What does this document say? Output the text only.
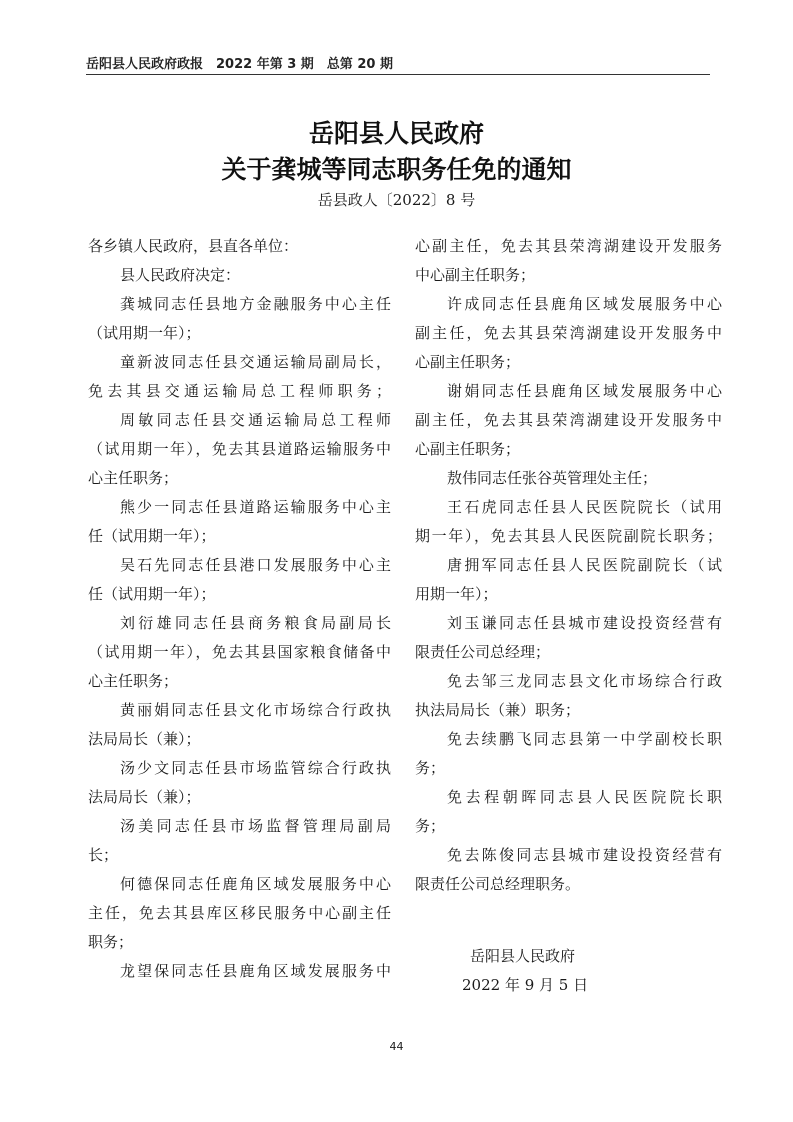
岳阳县人民政府政报　2022 年第 3 期　总第 20 期
岳阳县人民政府
关于龚城等同志职务任免的通知
岳县政人〔2022〕8 号
各乡镇人民政府，县直各单位：
县人民政府决定：
龚城同志任县地方金融服务中心主任
（试用期一年）；
童新波同志任县交通运输局副局长，
免去其县交通运输局总工程师职务；
周敏同志任县交通运输局总工程师
（试用期一年），免去其县道路运输服务中
心主任职务；
熊少一同志任县道路运输服务中心主
任（试用期一年）；
吴石先同志任县港口发展服务中心主
任（试用期一年）；
刘衍雄同志任县商务粮食局副局长
（试用期一年），免去其县国家粮食储备中
心主任职务；
黄丽娟同志任县文化市场综合行政执
法局局长（兼）；
汤少文同志任县市场监管综合行政执
法局局长（兼）；
汤美同志任县市场监督管理局副局
长；
何德保同志任鹿角区域发展服务中心
主任，免去其县库区移民服务中心副主任
职务；
龙望保同志任县鹿角区域发展服务中
心副主任，免去其县荣湾湖建设开发服务
中心副主任职务；
许成同志任县鹿角区域发展服务中心
副主任，免去其县荣湾湖建设开发服务中
心副主任职务；
谢娟同志任县鹿角区域发展服务中心
副主任，免去其县荣湾湖建设开发服务中
心副主任职务；
敖伟同志任张谷英管理处主任；
王石虎同志任县人民医院院长（试用
期一年），免去其县人民医院副院长职务；
唐拥军同志任县人民医院副院长（试
用期一年）；
刘玉谦同志任县城市建设投资经营有
限责任公司总经理；
免去邹三龙同志县文化市场综合行政
执法局局长（兼）职务；
免去续鹏飞同志县第一中学副校长职
务；
免去程朝晖同志县人民医院院长职
务；
免去陈俊同志县城市建设投资经营有
限责任公司总经理职务。
岳阳县人民政府
2022 年 9 月 5 日
44
